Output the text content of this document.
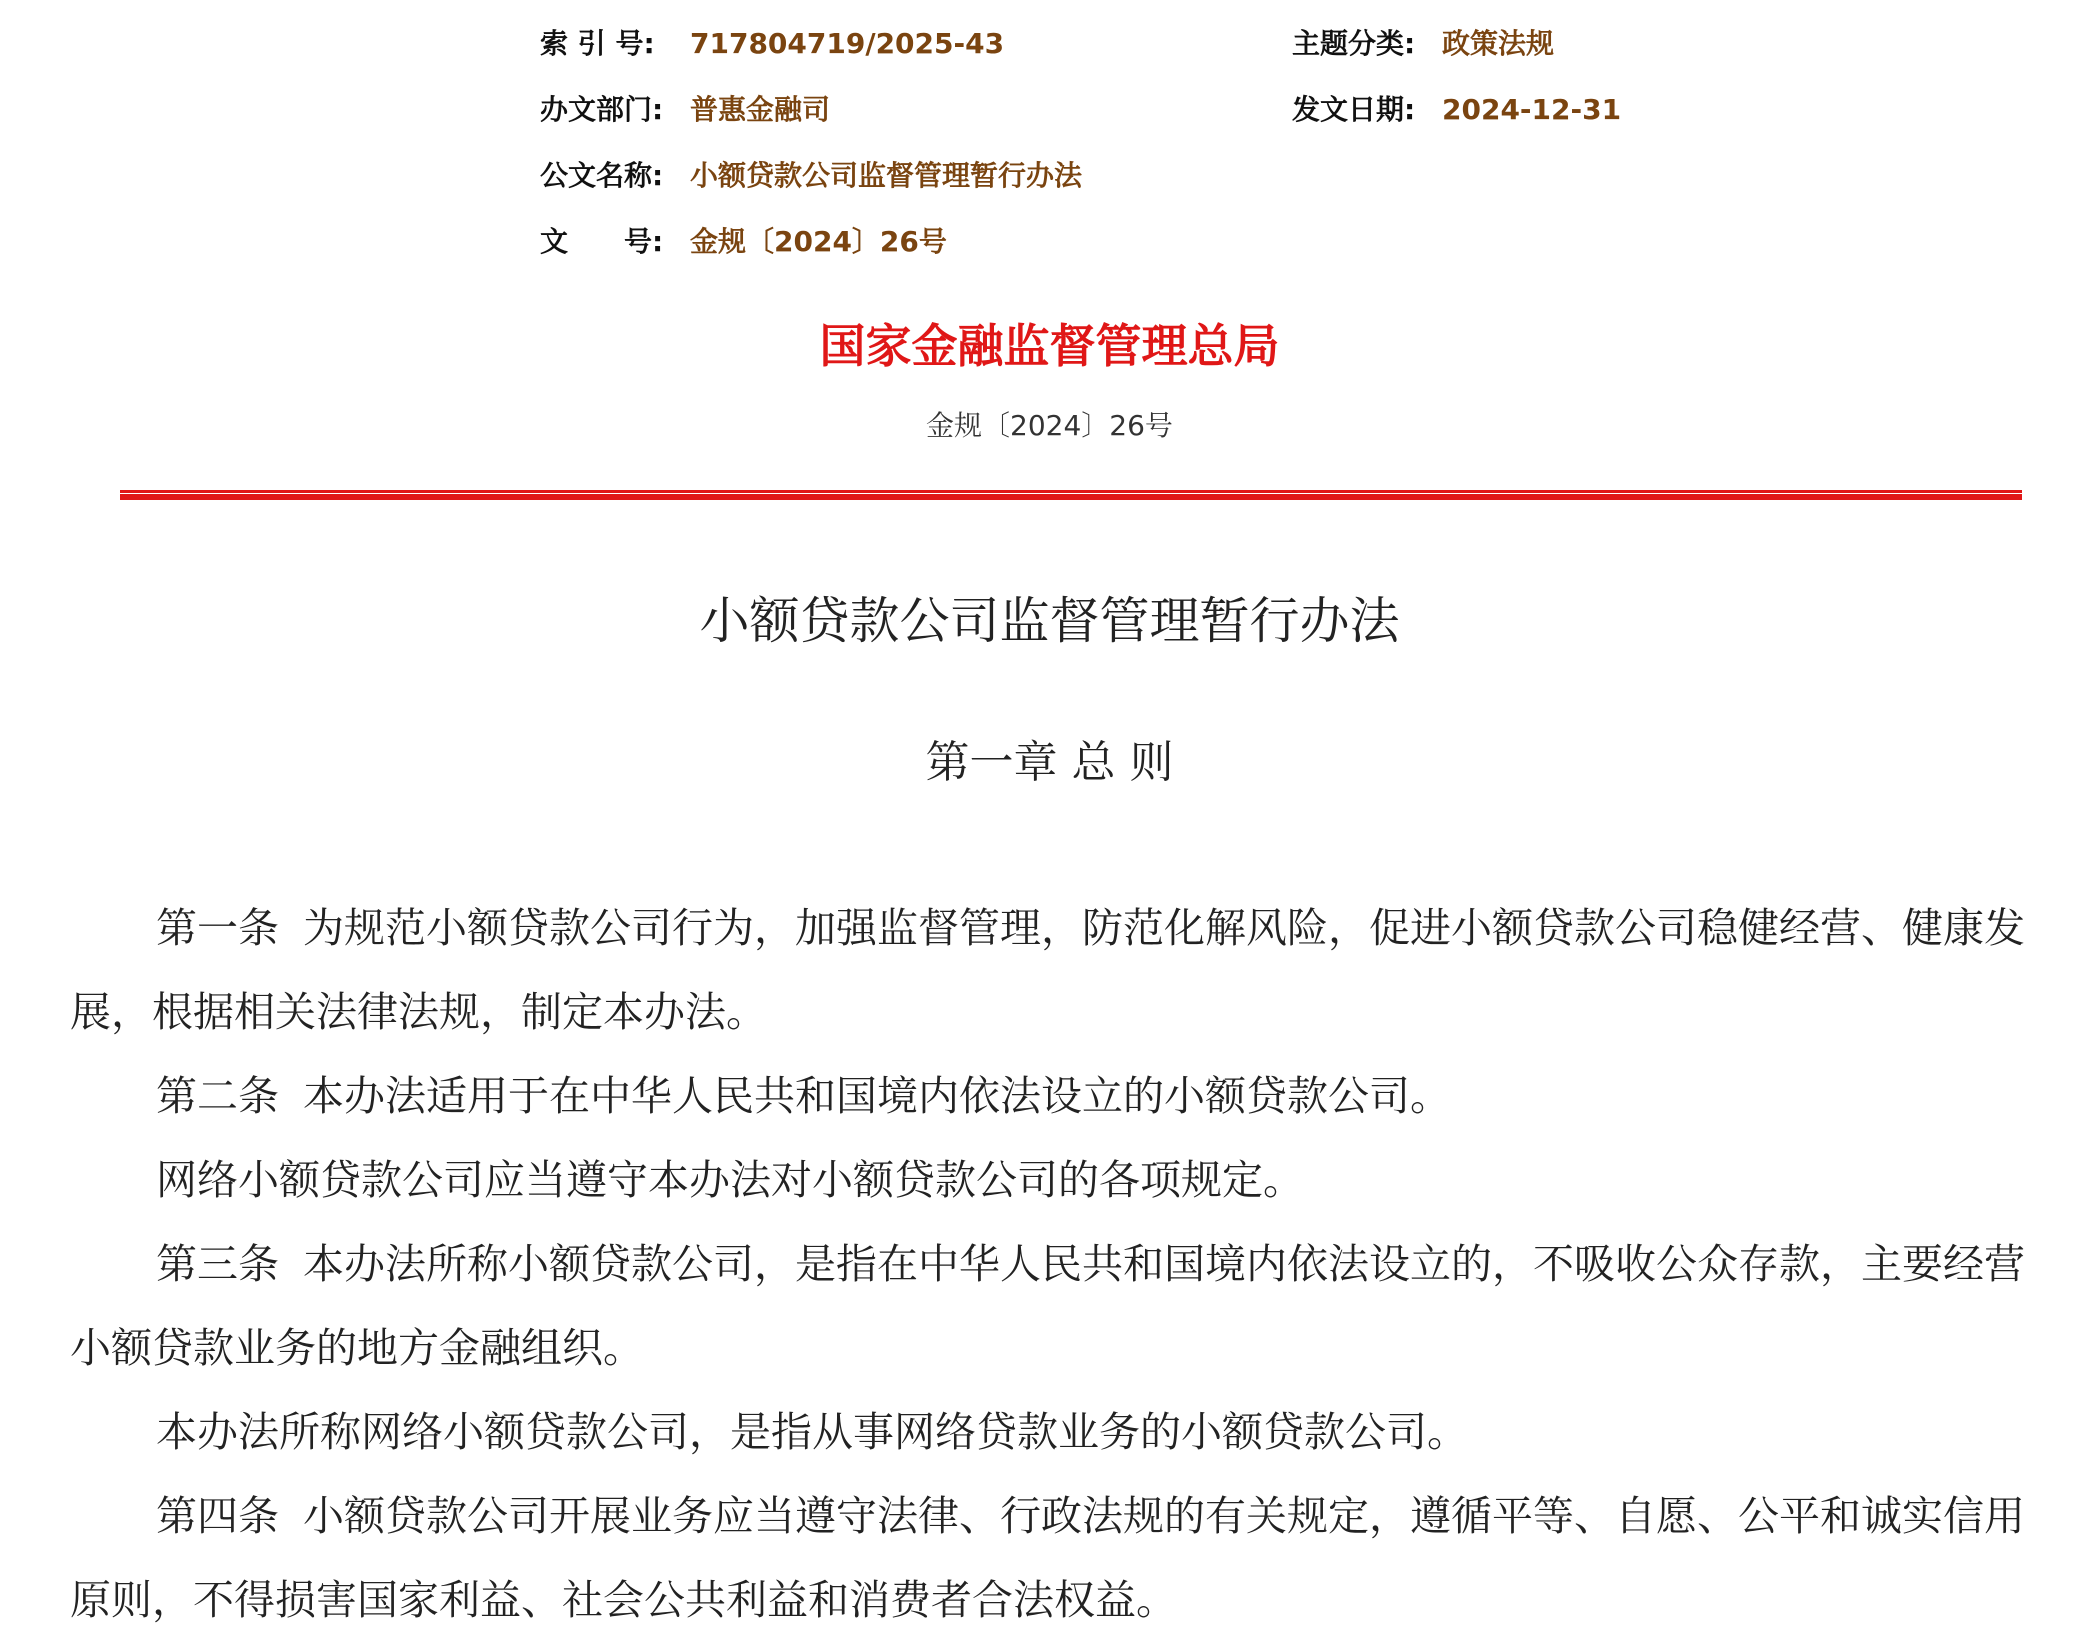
索 引 号: 717804719/2025-43	主题分类: 政策法规
办文部门: 普惠金融司	发文日期: 2024-12-31
公文名称: 小额贷款公司监督管理暂行办法
文　　号: 金规〔2024〕26号
国家金融监督管理总局
金规〔2024〕26号
小额贷款公司监督管理暂行办法
第一章 总 则

第一条 为规范小额贷款公司行为，加强监督管理，防范化解风险，促进小额贷款公司稳健经营、健康发展，根据相关法律法规，制定本办法。

第二条 本办法适用于在中华人民共和国境内依法设立的小额贷款公司。

网络小额贷款公司应当遵守本办法对小额贷款公司的各项规定。

第三条 本办法所称小额贷款公司，是指在中华人民共和国境内依法设立的，不吸收公众存款，主要经营小额贷款业务的地方金融组织。

本办法所称网络小额贷款公司，是指从事网络贷款业务的小额贷款公司。

第四条 小额贷款公司开展业务应当遵守法律、行政法规的有关规定，遵循平等、自愿、公平和诚实信用原则，不得损害国家利益、社会公共利益和消费者合法权益。
